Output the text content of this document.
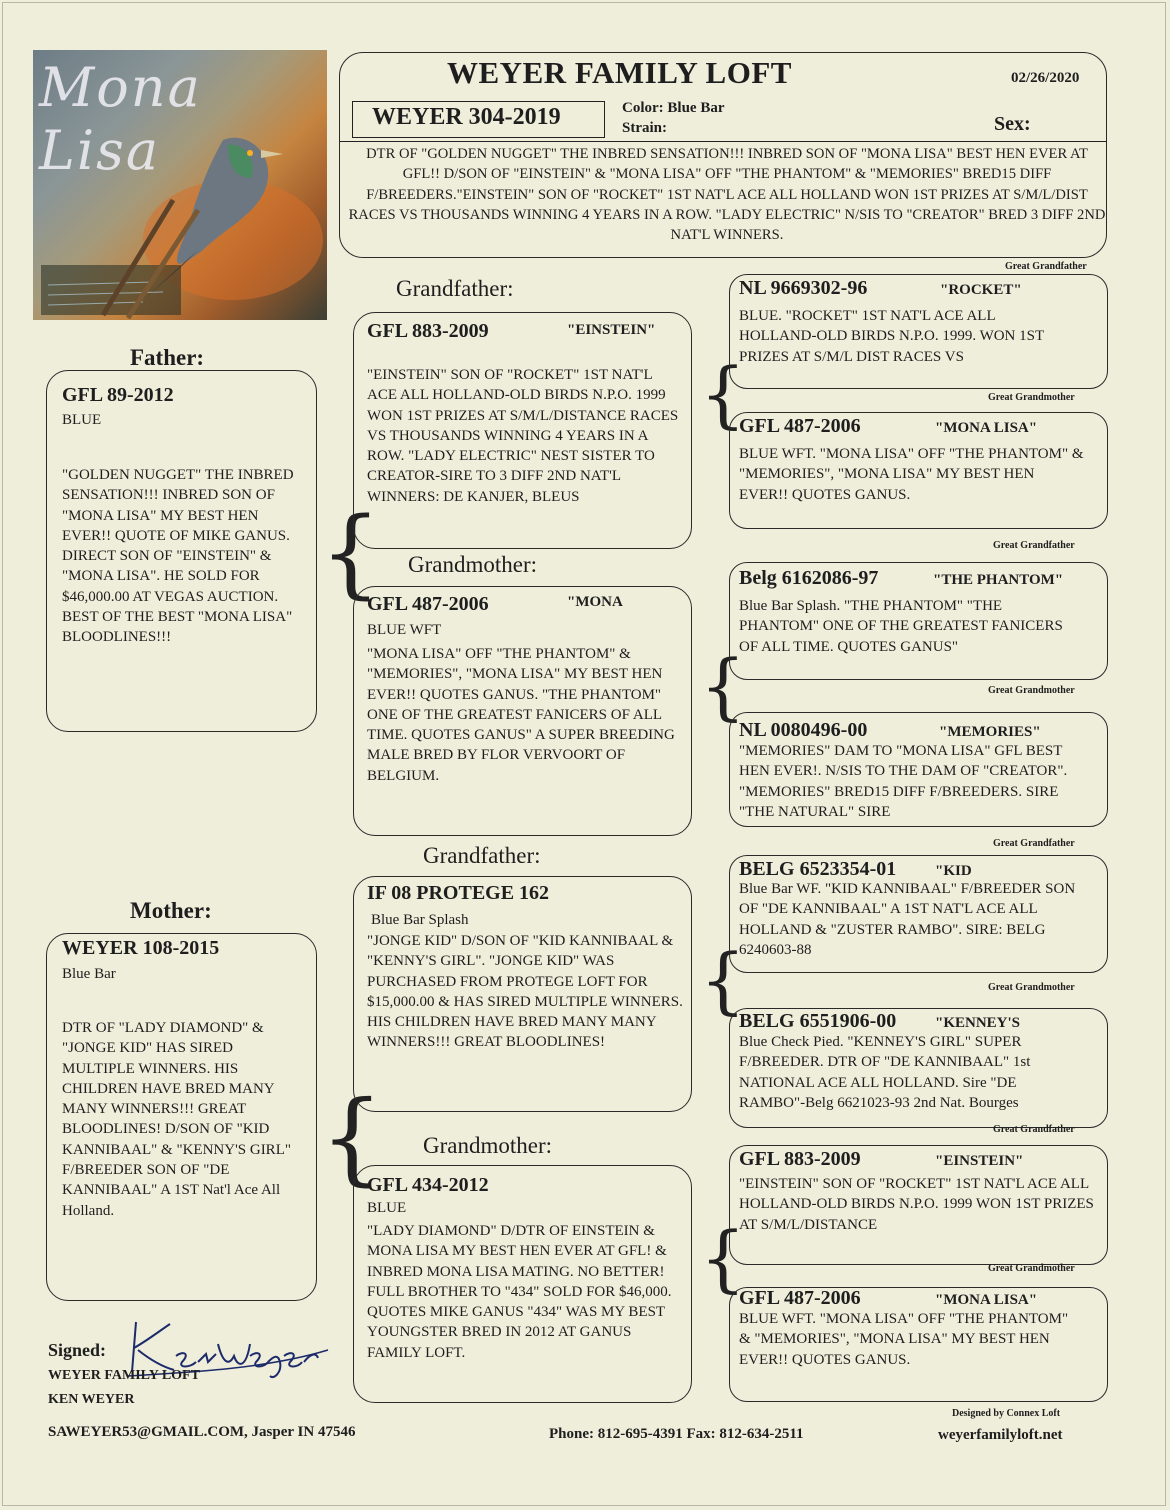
Mona Lisa
WEYER FAMILY LOFT	02/26/2020
WEYER 304-2019	Color: Blue Bar
Strain:	Sex:
DTR OF "GOLDEN NUGGET" THE INBRED SENSATION!!! INBRED SON OF "MONA LISA" BEST HEN EVER AT GFL!! D/SON OF "EINSTEIN" & "MONA LISA" OFF "THE PHANTOM" & "MEMORIES" BRED15 DIFF F/BREEDERS."EINSTEIN" SON OF "ROCKET" 1ST NAT'L ACE ALL HOLLAND WON 1ST PRIZES AT S/M/L/DIST RACES VS THOUSANDS WINNING 4 YEARS IN A ROW. "LADY ELECTRIC" N/SIS TO "CREATOR" BRED 3 DIFF 2ND NAT'L WINNERS.
Father:
GFL 89-2012
BLUE
"GOLDEN NUGGET" THE INBRED SENSATION!!! INBRED SON OF "MONA LISA" MY BEST HEN EVER!! QUOTE OF MIKE GANUS. DIRECT SON OF "EINSTEIN" & "MONA LISA". HE SOLD FOR $46,000.00 AT VEGAS AUCTION. BEST OF THE BEST "MONA LISA" BLOODLINES!!!
Mother:
WEYER 108-2015
Blue Bar
DTR OF "LADY DIAMOND" & "JONGE KID" HAS SIRED MULTIPLE WINNERS. HIS CHILDREN HAVE BRED MANY MANY WINNERS!!! GREAT BLOODLINES! D/SON OF "KID KANNIBAAL" & "KENNY'S GIRL" F/BREEDER SON OF "DE KANNIBAAL" A 1ST Nat'l Ace All Holland.
{
{
Grandfather:
GFL 883-2009	"EINSTEIN"
"EINSTEIN" SON OF "ROCKET" 1ST NAT'L ACE ALL HOLLAND-OLD BIRDS N.P.O. 1999 WON 1ST PRIZES AT S/M/L/DISTANCE RACES VS THOUSANDS WINNING 4 YEARS IN A ROW. "LADY ELECTRIC" NEST SISTER TO CREATOR-SIRE TO 3 DIFF 2ND NAT'L WINNERS: DE KANJER, BLEUS
Grandmother:
GFL 487-2006	"MONA
BLUE WFT
"MONA LISA" OFF "THE PHANTOM" & "MEMORIES", "MONA LISA" MY BEST HEN EVER!! QUOTES GANUS. "THE PHANTOM" ONE OF THE GREATEST FANICERS OF ALL TIME. QUOTES GANUS" A SUPER BREEDING MALE BRED BY FLOR VERVOORT OF BELGIUM.
Grandfather:
IF 08 PROTEGE 162
Blue Bar Splash
"JONGE KID" D/SON OF "KID KANNIBAAL & "KENNY'S GIRL". "JONGE KID" WAS PURCHASED FROM PROTEGE LOFT FOR $15,000.00 & HAS SIRED MULTIPLE WINNERS. HIS CHILDREN HAVE BRED MANY MANY WINNERS!!! GREAT BLOODLINES!
Grandmother:
GFL 434-2012
BLUE
"LADY DIAMOND" D/DTR OF EINSTEIN & MONA LISA MY BEST HEN EVER AT GFL! & INBRED MONA LISA MATING. NO BETTER! FULL BROTHER TO "434" SOLD FOR $46,000. QUOTES MIKE GANUS "434" WAS MY BEST YOUNGSTER BRED IN 2012 AT GANUS FAMILY LOFT.
{
{
{
{
Great Grandfather
NL 9669302-96	"ROCKET"
BLUE. "ROCKET" 1ST NAT'L ACE ALL HOLLAND-OLD BIRDS N.P.O. 1999. WON 1ST PRIZES AT S/M/L DIST RACES VS
Great Grandmother
GFL 487-2006	"MONA LISA"
BLUE WFT. "MONA LISA" OFF "THE PHANTOM" & "MEMORIES", "MONA LISA" MY BEST HEN EVER!! QUOTES GANUS.
Great Grandfather
Belg 6162086-97	"THE PHANTOM"
Blue Bar Splash. "THE PHANTOM" "THE PHANTOM" ONE OF THE GREATEST FANICERS OF ALL TIME. QUOTES GANUS"
Great Grandmother
NL 0080496-00	"MEMORIES"
"MEMORIES" DAM TO "MONA LISA" GFL BEST HEN EVER!. N/SIS TO THE DAM OF "CREATOR". "MEMORIES" BRED15 DIFF F/BREEDERS. SIRE "THE NATURAL" SIRE
Great Grandfather
BELG 6523354-01	"KID
Blue Bar WF. "KID KANNIBAAL" F/BREEDER SON OF "DE KANNIBAAL" A 1ST NAT'L ACE ALL HOLLAND & "ZUSTER RAMBO". SIRE: BELG 6240603-88
Great Grandmother
BELG 6551906-00	"KENNEY'S
Blue Check Pied. "KENNEY'S GIRL" SUPER F/BREEDER. DTR OF "DE KANNIBAAL" 1st NATIONAL ACE ALL HOLLAND. Sire "DE RAMBO"-Belg 6621023-93 2nd Nat. Bourges
Great Grandfather
GFL 883-2009	"EINSTEIN"
"EINSTEIN" SON OF "ROCKET" 1ST NAT'L ACE ALL HOLLAND-OLD BIRDS N.P.O. 1999 WON 1ST PRIZES AT S/M/L/DISTANCE
Great Grandmother
GFL 487-2006	"MONA LISA"
BLUE WFT. "MONA LISA" OFF "THE PHANTOM" & "MEMORIES", "MONA LISA" MY BEST HEN EVER!! QUOTES GANUS.
Signed:
WEYER FAMILY LOFT
KEN WEYER
SAWEYER53@GMAIL.COM, Jasper IN 47546	Phone: 812-695-4391 Fax: 812-634-2511
Designed by Connex Loft
weyerfamilyloft.net
